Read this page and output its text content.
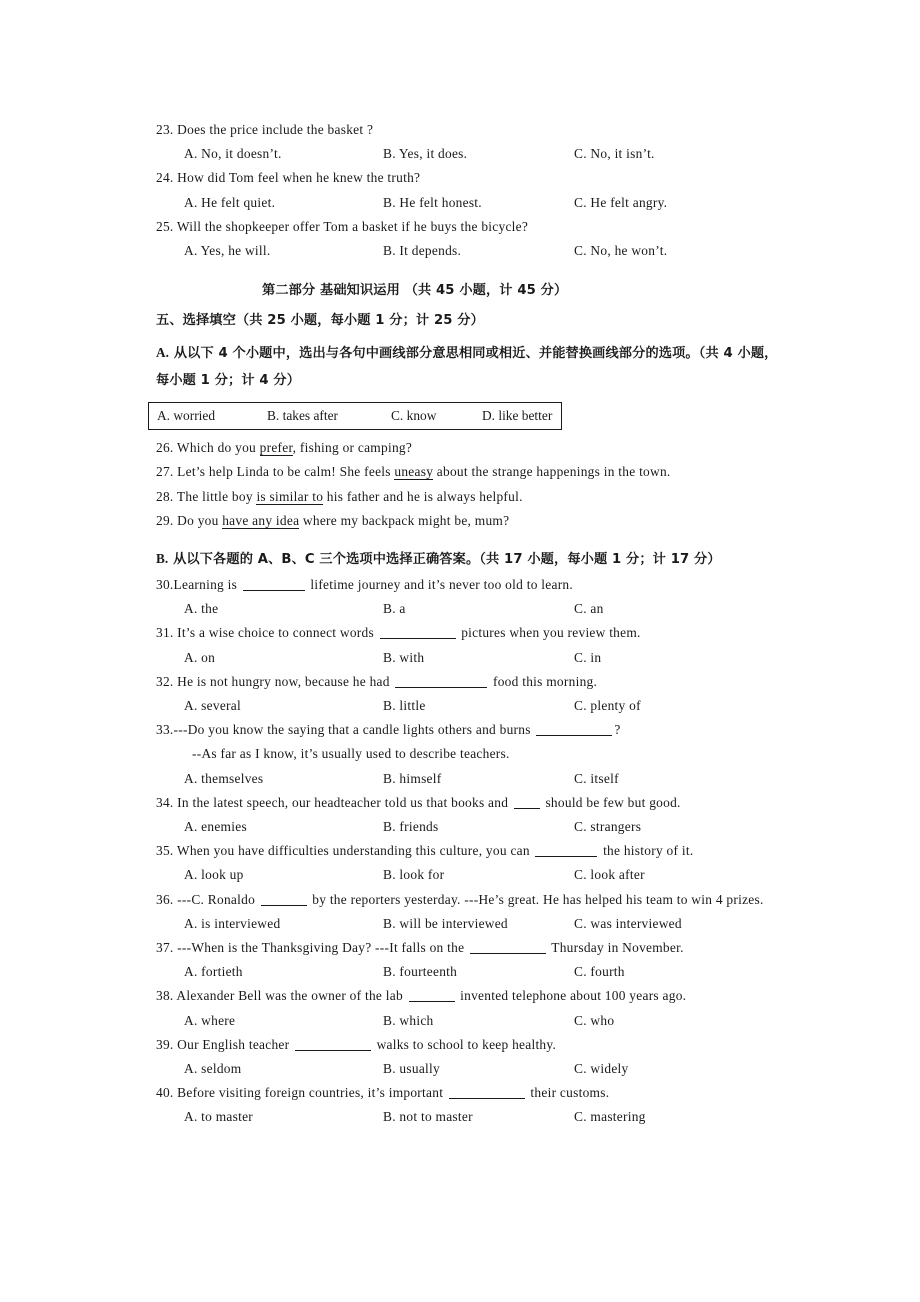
23. Does the price include the basket ?
A. No, it doesn’t.	B. Yes, it does.	C. No, it isn’t.
24. How did Tom feel when he knew the truth?
A. He felt quiet.	B. He felt honest.	C. He felt angry.
25. Will the shopkeeper offer Tom a basket if he buys the bicycle?
A. Yes, he will.	B. It depends.	C. No, he won’t.
第二部分 基础知识运用 （共 45 小题，计 45 分）
五、选择填空（共 25 小题，每小题 1 分；计 25 分）
A. 从以下 4 个小题中，选出与各句中画线部分意思相同或相近、并能替换画线部分的选项。（共 4 小题，
每小题 1 分；计 4 分）
A. worried	B. takes after	C. know	D. like better
26. Which do you prefer, fishing or camping?
27. Let’s help Linda to be calm! She feels uneasy about the strange happenings in the town.
28. The little boy is similar to his father and he is always helpful.
29. Do you have any idea where my backpack might be, mum?
B. 从以下各题的 A、B、C 三个选项中选择正确答案。（共 17 小题，每小题 1 分；计 17 分）
30.Learning is	lifetime journey and it’s never too old to learn.
A. the	B. a	C. an
31. It’s a wise choice to connect words	pictures when you review them.
A. on	B. with	C. in
32. He is not hungry now, because he had	food this morning.
A. several	B. little	C. plenty of
33.---Do you know the saying that a candle lights others and burns	?
--As far as I know, it’s usually used to describe teachers.
A. themselves	B. himself	C. itself
34. In the latest speech, our headteacher told us that books and  should be few but good.
A. enemies	B. friends	C. strangers
35. When you have difficulties understanding this culture, you can	the history of it.
A. look up	B. look for	C. look after
36. ---C. Ronaldo	by the reporters yesterday. ---He’s great. He has helped his team to win 4 prizes.
A. is interviewed	B. will be interviewed	C. was interviewed
37. ---When is the Thanksgiving Day? ---It falls on the	Thursday in November.
A. fortieth	B. fourteenth	C. fourth
38. Alexander Bell was the owner of the lab	invented telephone about 100 years ago.
A. where	B. which	C. who
39. Our English teacher	walks to school to keep healthy.
A. seldom	B. usually	C. widely
40. Before visiting foreign countries, it’s important	their customs.
A. to master	B. not to master	C. mastering
